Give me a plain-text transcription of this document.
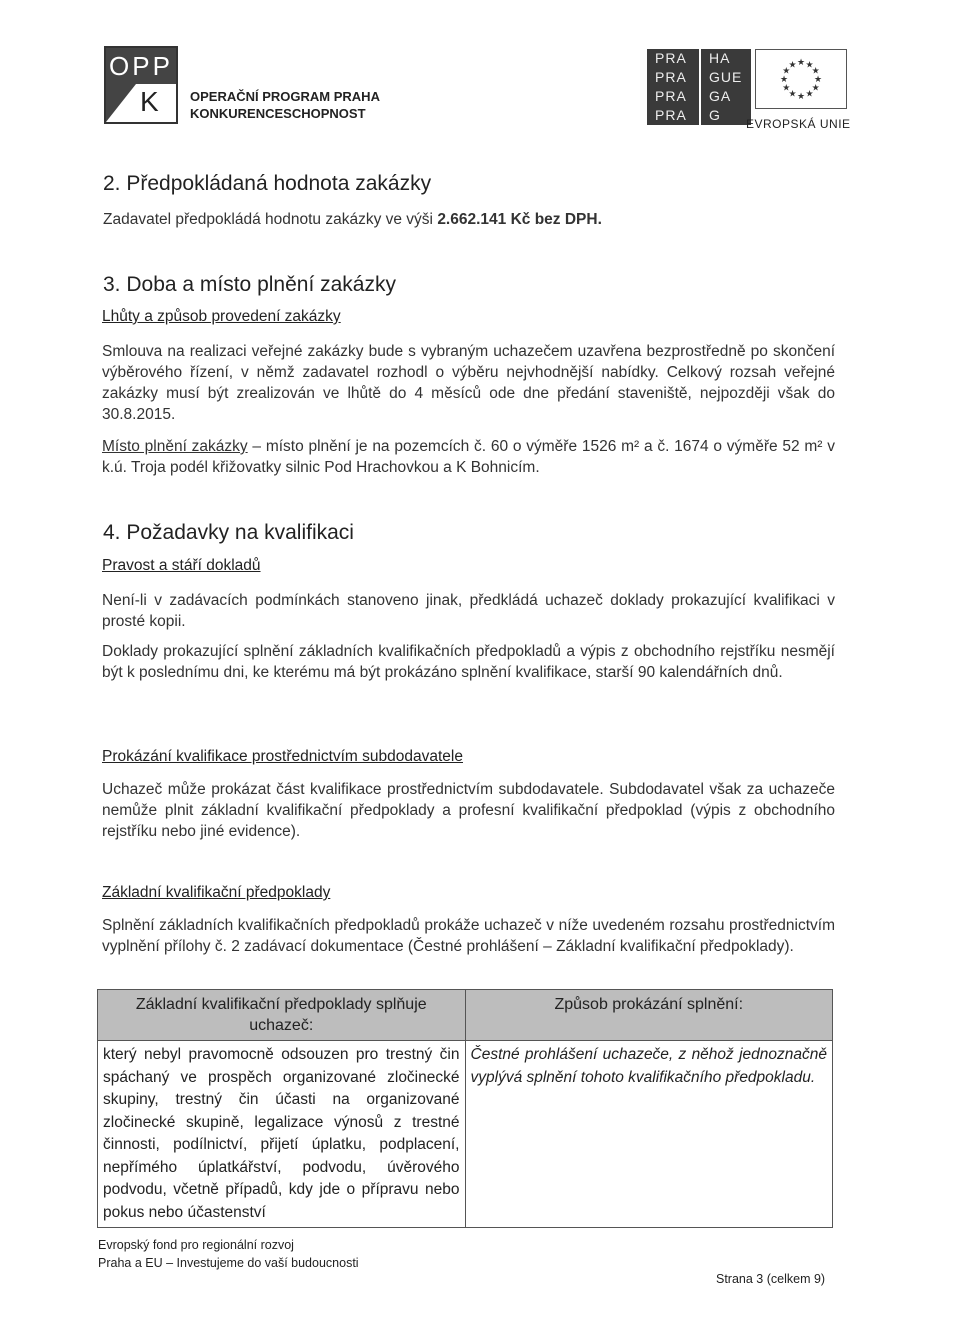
OPP
K OPERAČNÍ PROGRAM PRAHA
KONKURENCESCHOPNOST
PRA	HA
PRA	GUE
PRA	GA
PRA	G
★ ★
★
★
★
★
★
★
★
★
★
★
EVROPSKÁ UNIE
2. Předpokládaná hodnota zakázky
Zadavatel předpokládá hodnotu zakázky ve výši 2.662.141 Kč bez DPH.
3. Doba a místo plnění zakázky
Lhůty a způsob provedení zakázky
Smlouva na realizaci veřejné zakázky bude s vybraným uchazečem uzavřena bezprostředně po skončení výběrového řízení, v němž zadavatel rozhodl o výběru nejvhodnější nabídky. Celkový rozsah veřejné zakázky musí být zrealizován ve lhůtě do 4 měsíců ode dne předání staveniště, nejpozději však do 30.8.2015.
Místo plnění zakázky – místo plnění je na pozemcích č. 60 o výměře 1526 m² a č. 1674 o výměře 52 m² v k.ú. Troja podél křižovatky silnic Pod Hrachovkou a K Bohnicím.
4. Požadavky na kvalifikaci
Pravost a stáří dokladů
Není-li v zadávacích podmínkách stanoveno jinak, předkládá uchazeč doklady prokazující kvalifikaci v prosté kopii.
Doklady prokazující splnění základních kvalifikačních předpokladů a výpis z obchodního rejstříku nesmějí být k poslednímu dni, ke kterému má být prokázáno splnění kvalifikace, starší 90 kalendářních dnů.
Prokázání kvalifikace prostřednictvím subdodavatele
Uchazeč může prokázat část kvalifikace prostřednictvím subdodavatele. Subdodavatel však za uchazeče nemůže plnit základní kvalifikační předpoklady a profesní kvalifikační předpoklad (výpis z obchodního rejstříku nebo jiné evidence).
Základní kvalifikační předpoklady
Splnění základních kvalifikačních předpokladů prokáže uchazeč v níže uvedeném rozsahu prostřednictvím vyplnění přílohy č. 2 zadávací dokumentace (Čestné prohlášení – Základní kvalifikační předpoklady).
Základní kvalifikační předpoklady splňuje uchazeč:	Způsob prokázání splnění:
který nebyl pravomocně odsouzen pro trestný čin spáchaný ve prospěch organizované zločinecké skupiny, trestný čin účasti na organizované zločinecké skupině, legalizace výnosů z trestné činnosti, podílnictví, přijetí úplatku, podplacení, nepřímého úplatkářství, podvodu, úvěrového podvodu, včetně případů, kdy jde o přípravu nebo pokus nebo účastenství	Čestné prohlášení uchazeče, z něhož jednoznačně vyplývá splnění tohoto kvalifikačního předpokladu.
Evropský fond pro regionální rozvoj
Praha a EU – Investujeme do vaší budoucnosti
Strana 3 (celkem 9)
